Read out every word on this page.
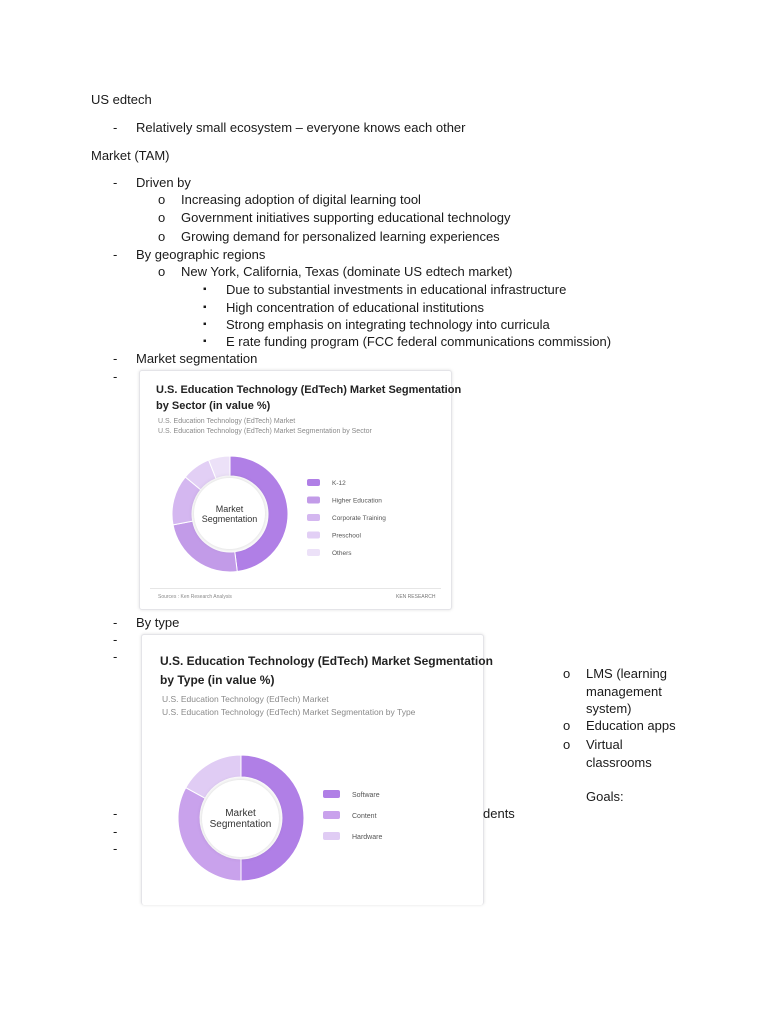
US edtech
- Relatively small ecosystem – everyone knows each other
Market (TAM)
- Driven by
o Increasing adoption of digital learning tool
o Government initiatives supporting educational technology
o Growing demand for personalized learning experiences
- By geographic regions
o New York, California, Texas (dominate US edtech market)
▪ Due to substantial investments in educational infrastructure
▪ High concentration of educational institutions
▪ Strong emphasis on integrating technology into curricula
▪ E rate funding program (FCC federal communications commission)
- Market segmentation
-
U.S. Education Technology (EdTech) Market Segmentation
by Sector (in value %)
U.S. Education Technology (EdTech) Market
U.S. Education Technology (EdTech) Market Segmentation by Sector
K-12
Higher Education
Corporate Training
Preschool
Others
Market Segmentation
Sources : Ken Research Analysis	KEN RESEARCH
- By type
-
-	U.S. Education Technology (EdTech) Market Segmentation
by Type (in value %)
U.S. Education Technology (EdTech) Market
U.S. Education Technology (EdTech) Market Segmentation by Type
Software
Content
Hardware
Market Segmentation
o LMS (learning
management
system)
o Education apps
o Virtual
classrooms
Goals:
dents
-
-
-
